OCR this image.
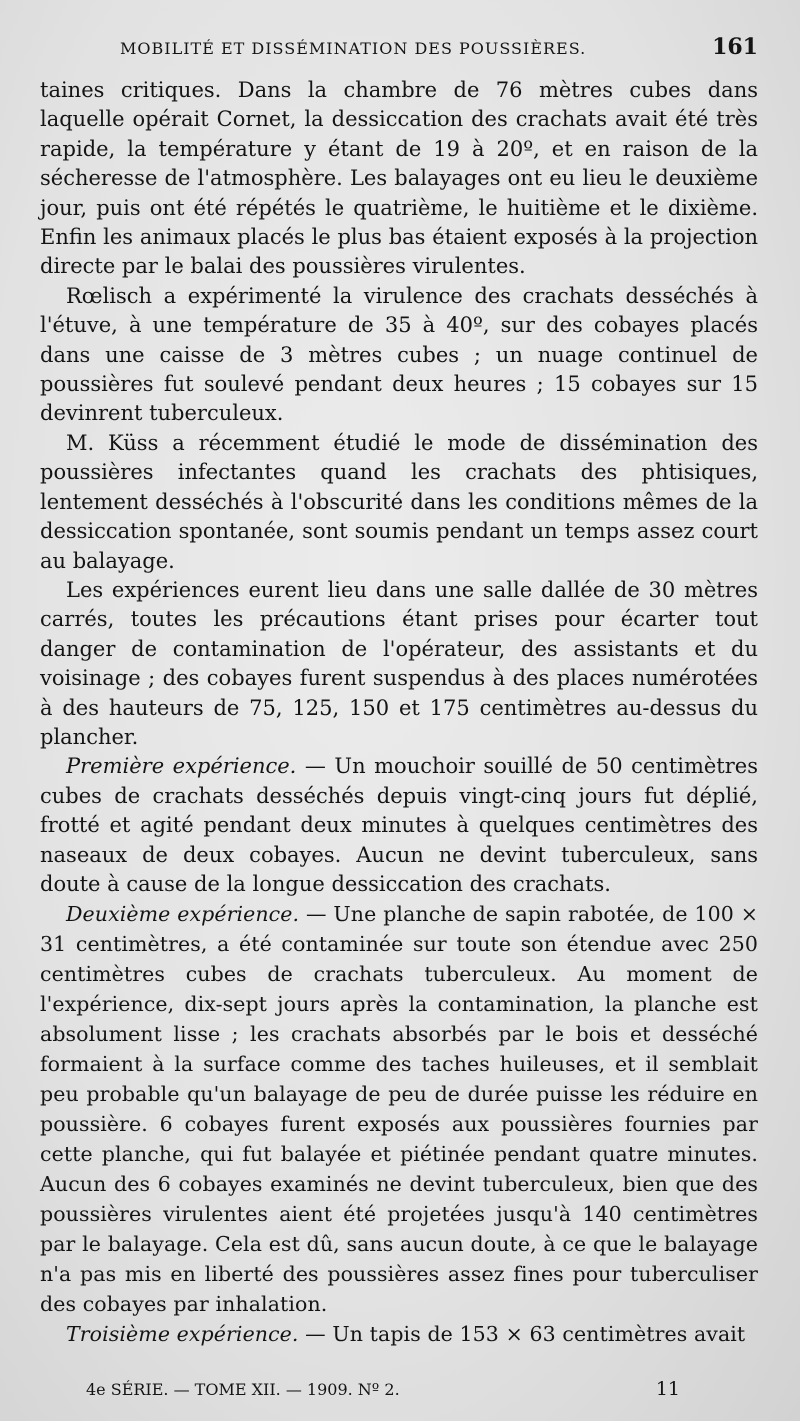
MOBILITÉ ET DISSÉMINATION DES POUSSIÈRES.	161

taines critiques. Dans la chambre de 76 mètres cubes dans laquelle opérait Cornet, la dessiccation des crachats avait été très rapide, la température y étant de 19 à 20º, et en raison de la sécheresse de l'atmosphère. Les balayages ont eu lieu le deuxième jour, puis ont été répétés le quatrième, le huitième et le dixième. Enfin les animaux placés le plus bas étaient exposés à la projection directe par le balai des poussières virulentes.

Rœlisch a expérimenté la virulence des crachats desséchés à l'étuve, à une température de 35 à 40º, sur des cobayes placés dans une caisse de 3 mètres cubes ; un nuage continuel de poussières fut soulevé pendant deux heures ; 15 cobayes sur 15 devinrent tuberculeux.

M. Küss a récemment étudié le mode de dissémination des poussières infectantes quand les crachats des phtisiques, lentement desséchés à l'obscurité dans les conditions mêmes de la dessiccation spontanée, sont soumis pendant un temps assez court au balayage.

Les expériences eurent lieu dans une salle dallée de 30 mètres carrés, toutes les précautions étant prises pour écarter tout danger de contamination de l'opérateur, des assistants et du voisinage ; des cobayes furent suspendus à des places numérotées à des hauteurs de 75, 125, 150 et 175 centimètres au-dessus du plancher.

Première expérience. — Un mouchoir souillé de 50 centimètres cubes de crachats desséchés depuis vingt-cinq jours fut déplié, frotté et agité pendant deux minutes à quelques centimètres des naseaux de deux cobayes. Aucun ne devint tuberculeux, sans doute à cause de la longue dessiccation des crachats.

Deuxième expérience. — Une planche de sapin rabotée, de 100 × 31 centimètres, a été contaminée sur toute son étendue avec 250 centimètres cubes de crachats tuberculeux. Au moment de l'expérience, dix-sept jours après la contamination, la planche est absolument lisse ; les crachats absorbés par le bois et desséché formaient à la surface comme des taches huileuses, et il semblait peu probable qu'un balayage de peu de durée puisse les réduire en poussière. 6 cobayes furent exposés aux poussières fournies par cette planche, qui fut balayée et piétinée pendant quatre minutes. Aucun des 6 cobayes examinés ne devint tuberculeux, bien que des poussières virulentes aient été projetées jusqu'à 140 centimètres par le balayage. Cela est dû, sans aucun doute, à ce que le balayage n'a pas mis en liberté des poussières assez fines pour tuberculiser des cobayes par inhalation.

Troisième expérience. — Un tapis de 153 × 63 centimètres avait

4e SÉRIE. — TOME XII. — 1909. Nº 2.	11
